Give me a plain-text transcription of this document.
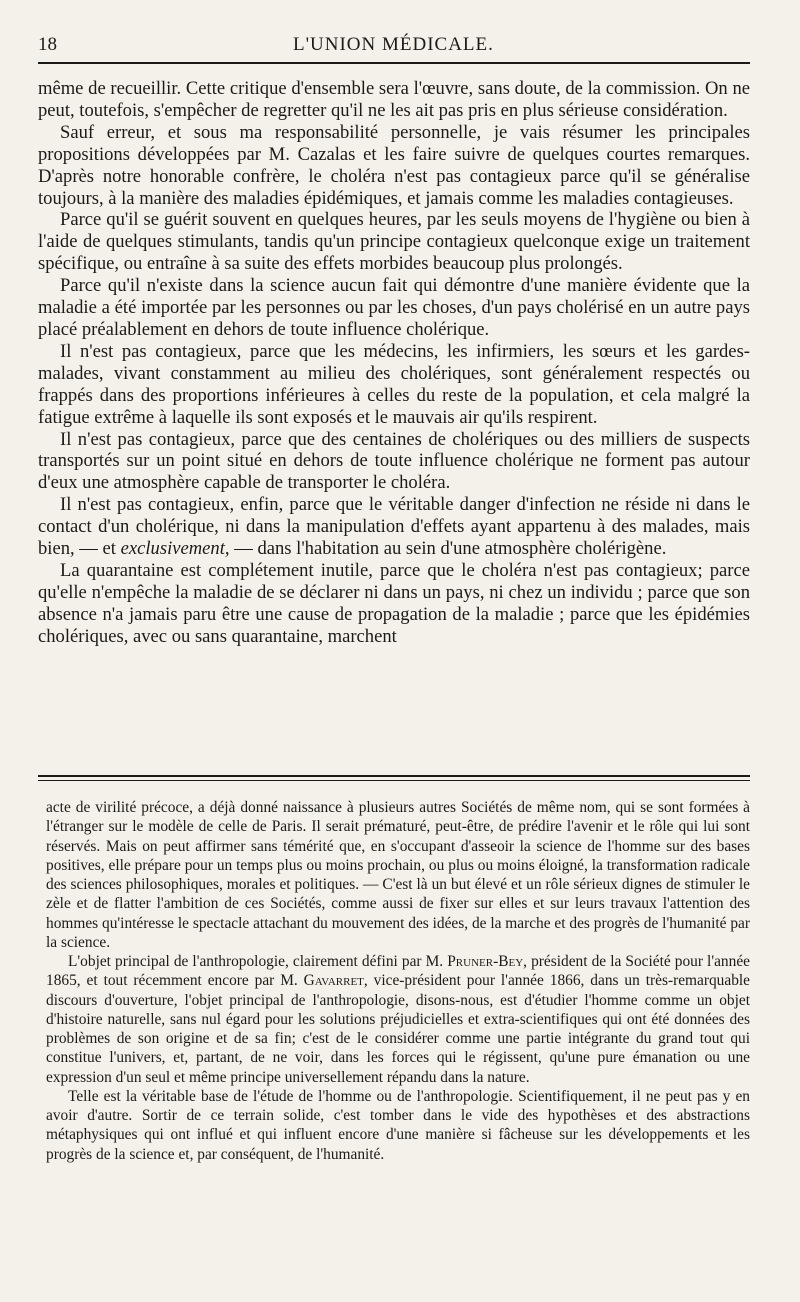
18	L'UNION MÉDICALE.

même de recueillir. Cette critique d'ensemble sera l'œuvre, sans doute, de la commission. On ne peut, toutefois, s'empêcher de regretter qu'il ne les ait pas pris en plus sérieuse considération.

Sauf erreur, et sous ma responsabilité personnelle, je vais résumer les principales propositions développées par M. Cazalas et les faire suivre de quelques courtes remarques. D'après notre honorable confrère, le choléra n'est pas contagieux parce qu'il se généralise toujours, à la manière des maladies épidémiques, et jamais comme les maladies contagieuses.

Parce qu'il se guérit souvent en quelques heures, par les seuls moyens de l'hygiène ou bien à l'aide de quelques stimulants, tandis qu'un principe contagieux quelconque exige un traitement spécifique, ou entraîne à sa suite des effets morbides beaucoup plus prolongés.

Parce qu'il n'existe dans la science aucun fait qui démontre d'une manière évidente que la maladie a été importée par les personnes ou par les choses, d'un pays cholérisé en un autre pays placé préalablement en dehors de toute influence cholérique.

Il n'est pas contagieux, parce que les médecins, les infirmiers, les sœurs et les gardes-malades, vivant constamment au milieu des cholériques, sont généralement respectés ou frappés dans des proportions inférieures à celles du reste de la population, et cela malgré la fatigue extrême à laquelle ils sont exposés et le mauvais air qu'ils respirent.

Il n'est pas contagieux, parce que des centaines de cholériques ou des milliers de suspects transportés sur un point situé en dehors de toute influence cholérique ne forment pas autour d'eux une atmosphère capable de transporter le choléra.

Il n'est pas contagieux, enfin, parce que le véritable danger d'infection ne réside ni dans le contact d'un cholérique, ni dans la manipulation d'effets ayant appartenu à des malades, mais bien, — et exclusivement, — dans l'habitation au sein d'une atmosphère cholérigène.

La quarantaine est complétement inutile, parce que le choléra n'est pas contagieux; parce qu'elle n'empêche la maladie de se déclarer ni dans un pays, ni chez un individu ; parce que son absence n'a jamais paru être une cause de propagation de la maladie ; parce que les épidémies cholériques, avec ou sans quarantaine, marchent

acte de virilité précoce, a déjà donné naissance à plusieurs autres Sociétés de même nom, qui se sont formées à l'étranger sur le modèle de celle de Paris. Il serait prématuré, peut-être, de prédire l'avenir et le rôle qui lui sont réservés. Mais on peut affirmer sans témérité que, en s'occupant d'asseoir la science de l'homme sur des bases positives, elle prépare pour un temps plus ou moins prochain, ou plus ou moins éloigné, la transformation radicale des sciences philosophiques, morales et politiques. — C'est là un but élevé et un rôle sérieux dignes de stimuler le zèle et de flatter l'ambition de ces Sociétés, comme aussi de fixer sur elles et sur leurs travaux l'attention des hommes qu'intéresse le spectacle attachant du mouvement des idées, de la marche et des progrès de l'humanité par la science.

L'objet principal de l'anthropologie, clairement défini par M. Pruner-Bey, président de la Société pour l'année 1865, et tout récemment encore par M. Gavarret, vice-président pour l'année 1866, dans un très-remarquable discours d'ouverture, l'objet principal de l'anthropologie, disons-nous, est d'étudier l'homme comme un objet d'histoire naturelle, sans nul égard pour les solutions préjudicielles et extra-scientifiques qui ont été données des problèmes de son origine et de sa fin; c'est de le considérer comme une partie intégrante du grand tout qui constitue l'univers, et, partant, de ne voir, dans les forces qui le régissent, qu'une pure émanation ou une expression d'un seul et même principe universellement répandu dans la nature.

Telle est la véritable base de l'étude de l'homme ou de l'anthropologie. Scientifiquement, il ne peut pas y en avoir d'autre. Sortir de ce terrain solide, c'est tomber dans le vide des hypothèses et des abstractions métaphysiques qui ont influé et qui influent encore d'une manière si fâcheuse sur les développements et les progrès de la science et, par conséquent, de l'humanité.
